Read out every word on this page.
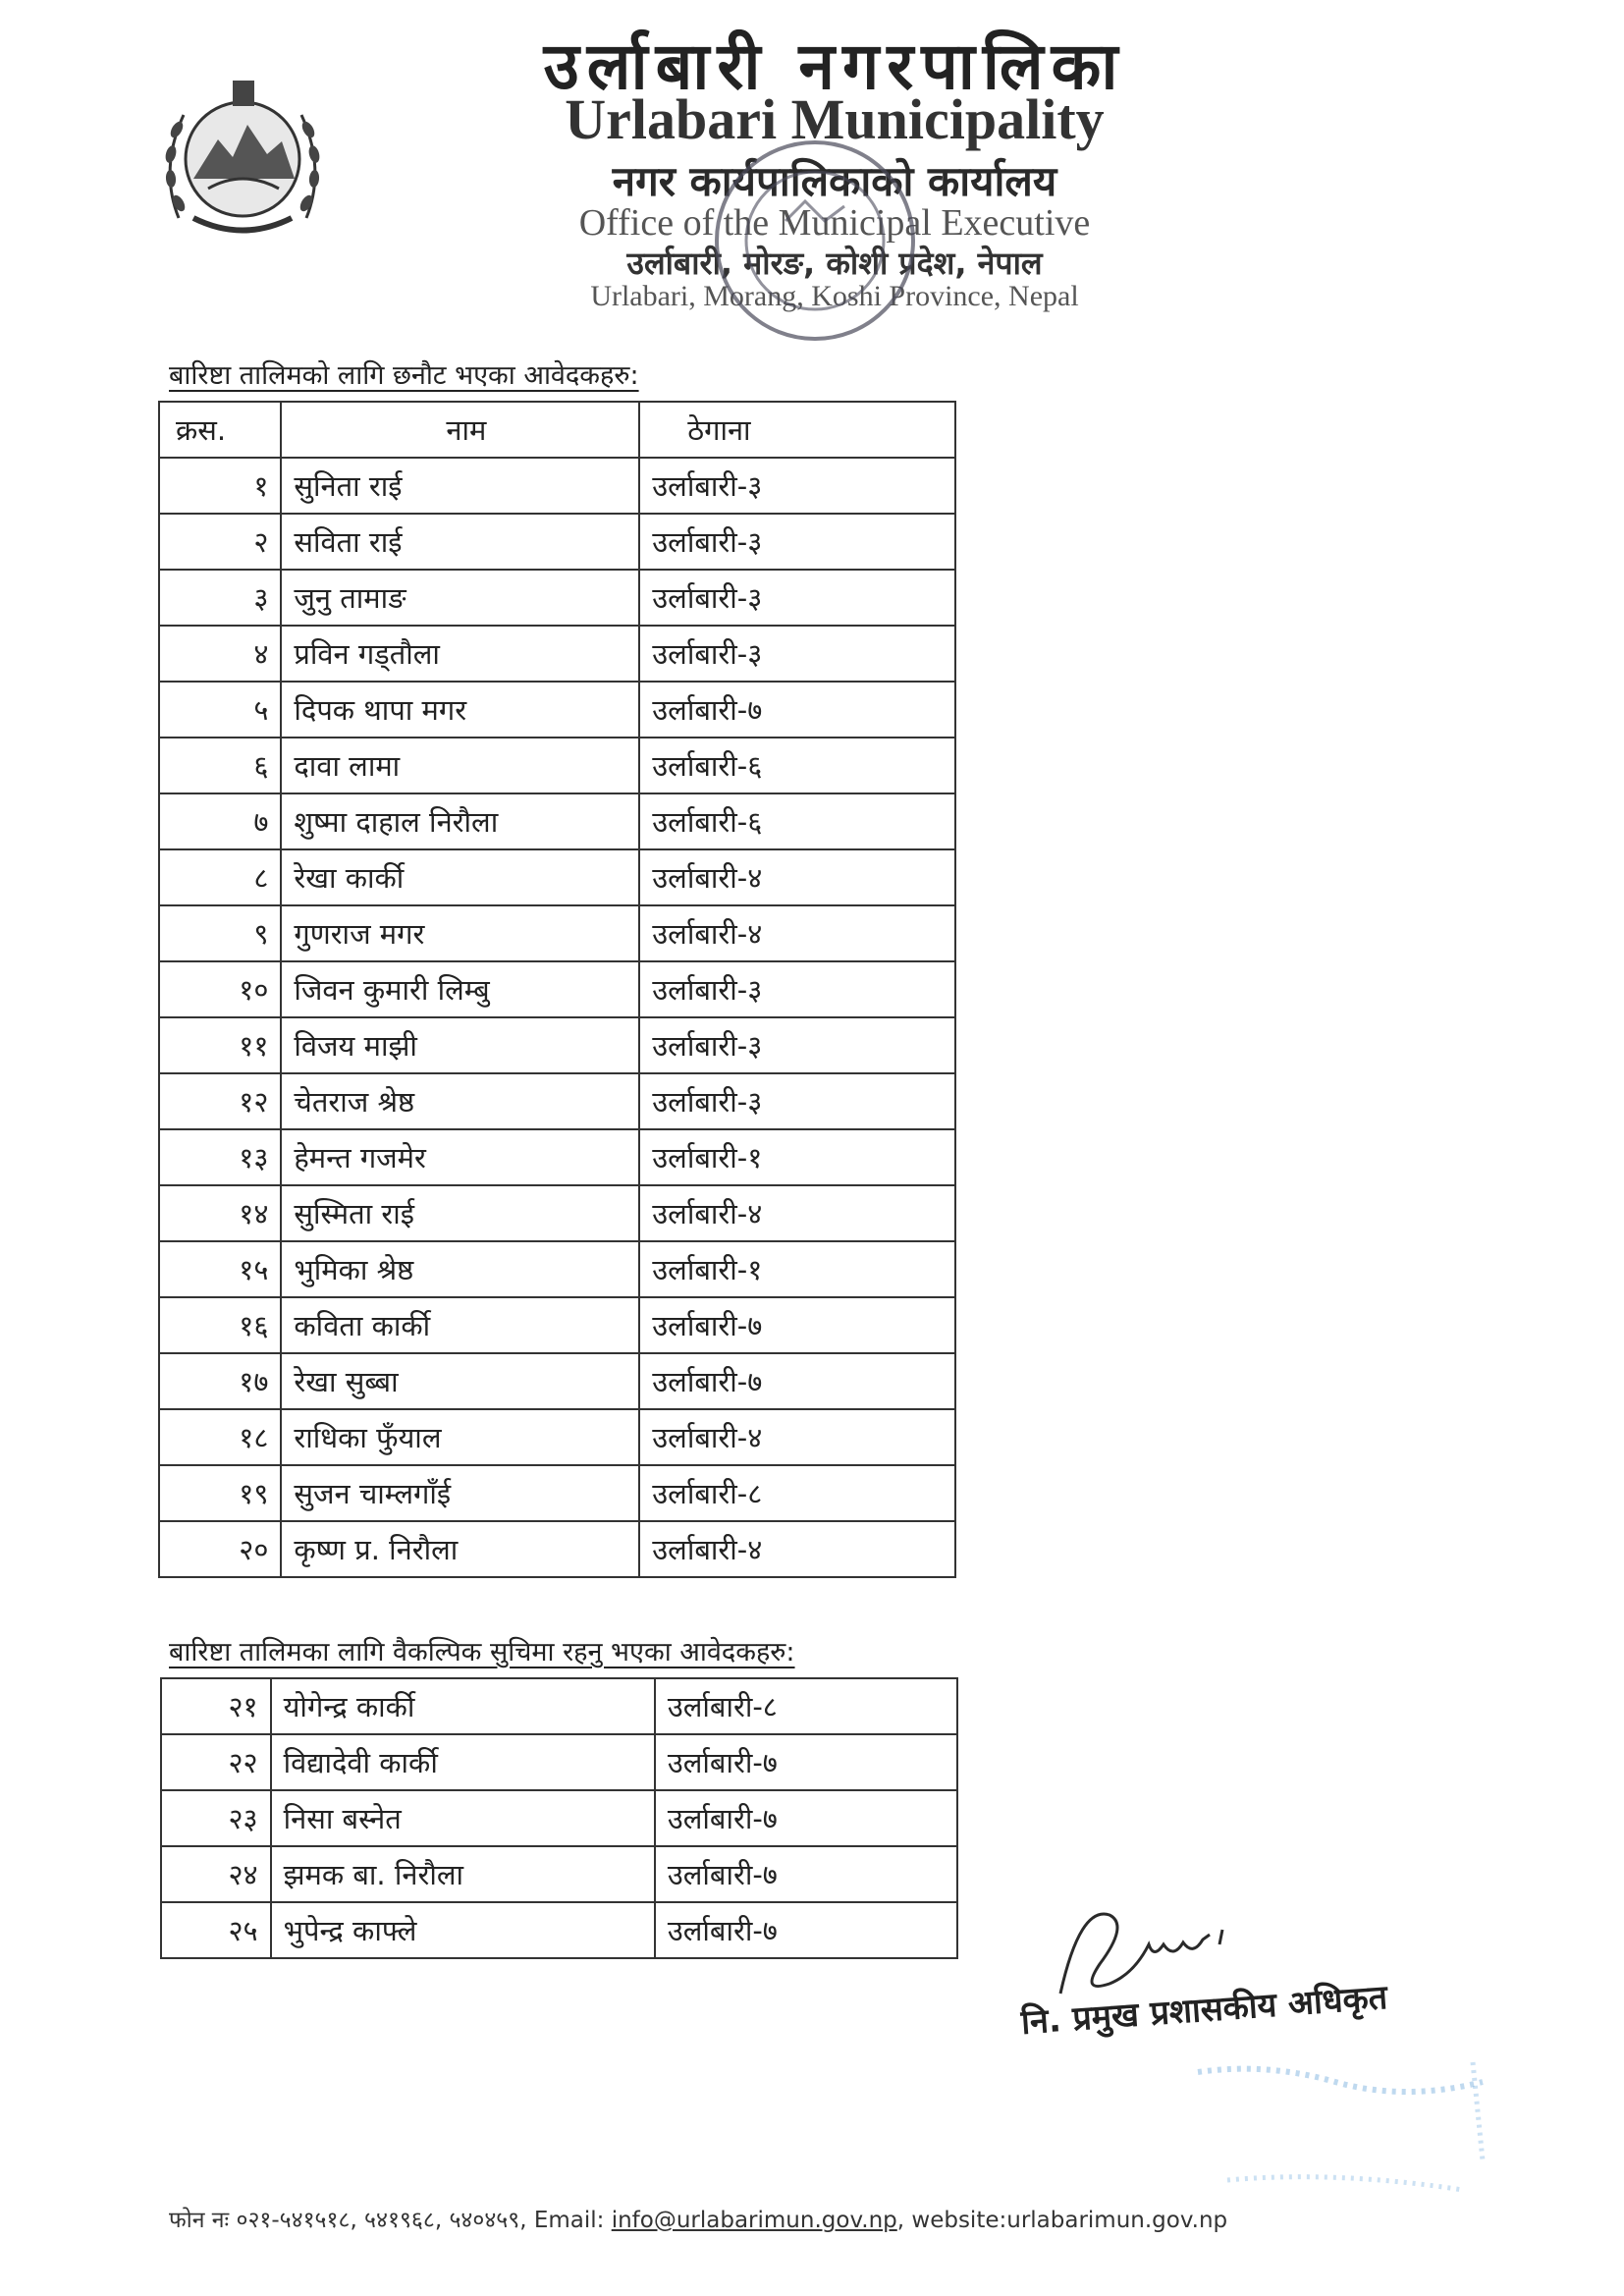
उर्लाबारी नगरपालिका
Urlabari Municipality
नगर कार्यपालिकाको कार्यालय
Office of the Municipal Executive
उर्लाबारी, मोरङ, कोशी प्रदेश, नेपाल
Urlabari, Morang, Koshi Province, Nepal
बारिष्टा तालिमको लागि छनौट भएका आवेदकहरु:
क्रस.	नाम	ठेगाना
१	सुनिता राई	उर्लाबारी-३
२	सविता राई	उर्लाबारी-३
३	जुनु तामाङ	उर्लाबारी-३
४	प्रविन गड्तौला	उर्लाबारी-३
५	दिपक थापा मगर	उर्लाबारी-७
६	दावा लामा	उर्लाबारी-६
७	शुष्मा दाहाल निरौला	उर्लाबारी-६
८	रेखा कार्की	उर्लाबारी-४
९	गुणराज मगर	उर्लाबारी-४
१०	जिवन कुमारी लिम्बु	उर्लाबारी-३
११	विजय माझी	उर्लाबारी-३
१२	चेतराज श्रेष्ठ	उर्लाबारी-३
१३	हेमन्त गजमेर	उर्लाबारी-१
१४	सुस्मिता राई	उर्लाबारी-४
१५	भुमिका श्रेष्ठ	उर्लाबारी-१
१६	कविता कार्की	उर्लाबारी-७
१७	रेखा सुब्बा	उर्लाबारी-७
१८	राधिका फुँयाल	उर्लाबारी-४
१९	सुजन चाम्लगाँई	उर्लाबारी-८
२०	कृष्ण प्र. निरौला	उर्लाबारी-४
बारिष्टा तालिमका लागि वैकल्पिक सुचिमा रहनु भएका आवेदकहरु:
२१	योगेन्द्र कार्की	उर्लाबारी-८
२२	विद्यादेवी कार्की	उर्लाबारी-७
२३	निसा बस्नेत	उर्लाबारी-७
२४	झमक बा. निरौला	उर्लाबारी-७
२५	भुपेन्द्र काफ्ले	उर्लाबारी-७
नि. प्रमुख प्रशासकीय अधिकृत
फोन नः ०२१-५४१५१८, ५४१९६८, ५४०४५९, Email: info@urlabarimun.gov.np, website:urlabarimun.gov.np
